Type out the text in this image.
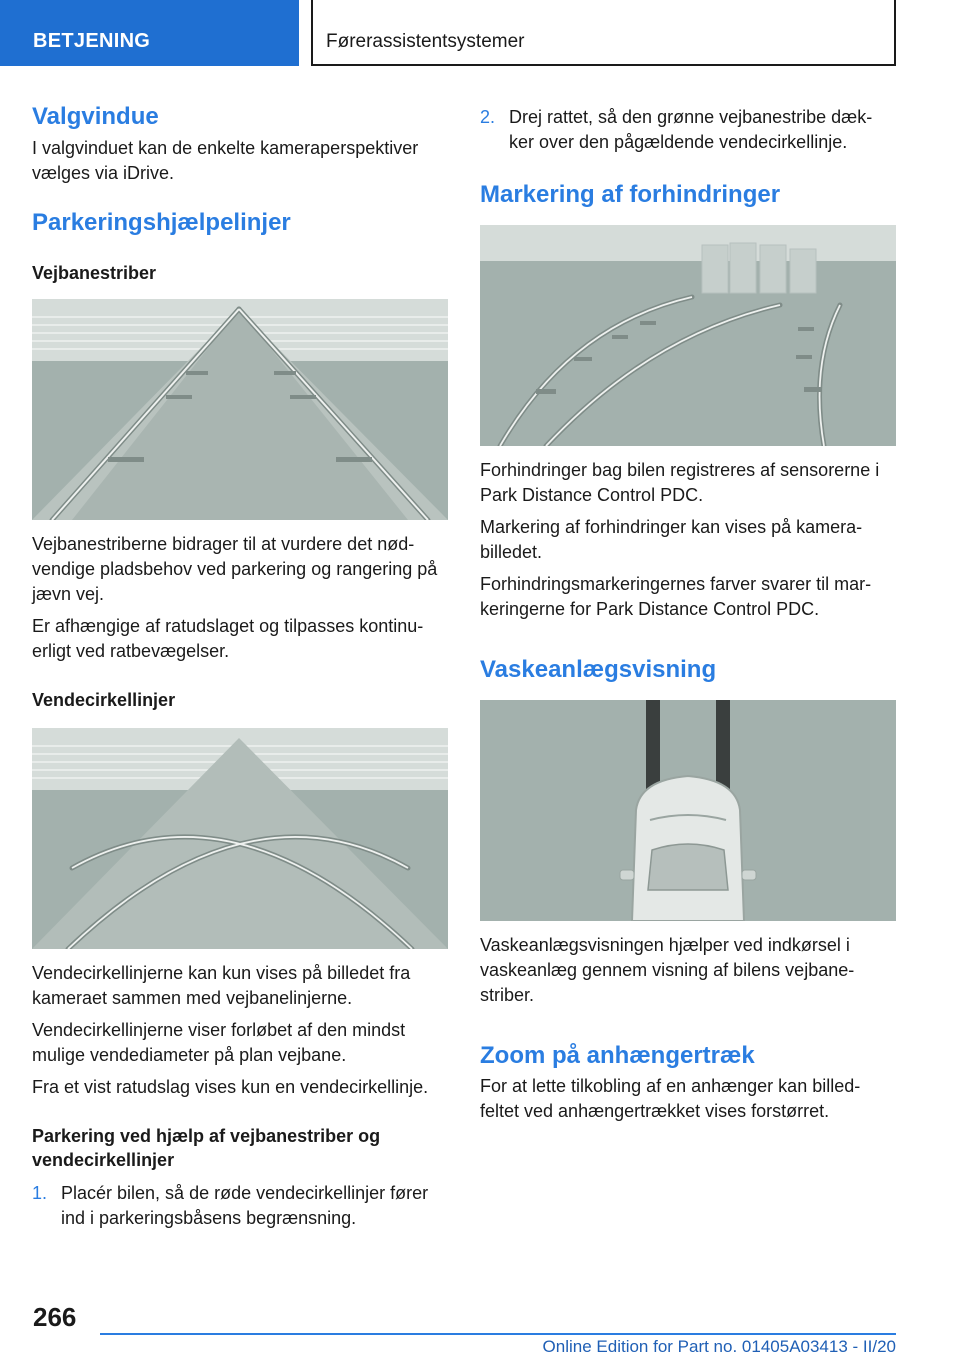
BETJENING	Førerassistentsystemer
Valgvindue

I valgvinduet kan de enkelte kameraperspektiver vælges via iDrive.

Parkeringshjælpelinjer
Vejbanestriber

Vejbanestriberne bidrager til at vurdere det nød-vendige pladsbehov ved parkering og rangering på jævn vej.

Er afhængige af ratudslaget og tilpasses kontinu-erligt ved ratbevægelser.

Vendecirkellinjer

Vendecirkellinjerne kan kun vises på billedet fra kameraet sammen med vejbanelinjerne.

Vendecirkellinjerne viser forløbet af den mindst mulige vendediameter på plan vejbane.

Fra et vist ratudslag vises kun en vendecirkellinje.

Parkering ved hjælp af vejbanestriber og vendecirkellinjer
1. Placér bilen, så de røde vendecirkellinjer fører ind i parkeringsbåsens begrænsning.
2. Drej rattet, så den grønne vejbanestribe dæk-ker over den pågældende vendecirkellinje.
Markering af forhindringer

Forhindringer bag bilen registreres af sensorerne i Park Distance Control PDC.

Markering af forhindringer kan vises på kamera-billedet.

Forhindringsmarkeringernes farver svarer til mar-keringerne for Park Distance Control PDC.

Vaskeanlægsvisning

Vaskeanlægsvisningen hjælper ved indkørsel i vaskeanlæg gennem visning af bilens vejbane-striber.

Zoom på anhængertræk

For at lette tilkobling af en anhænger kan billed-feltet ved anhængertrækket vises forstørret.

266
Online Edition for Part no. 01405A03413 - II/20
